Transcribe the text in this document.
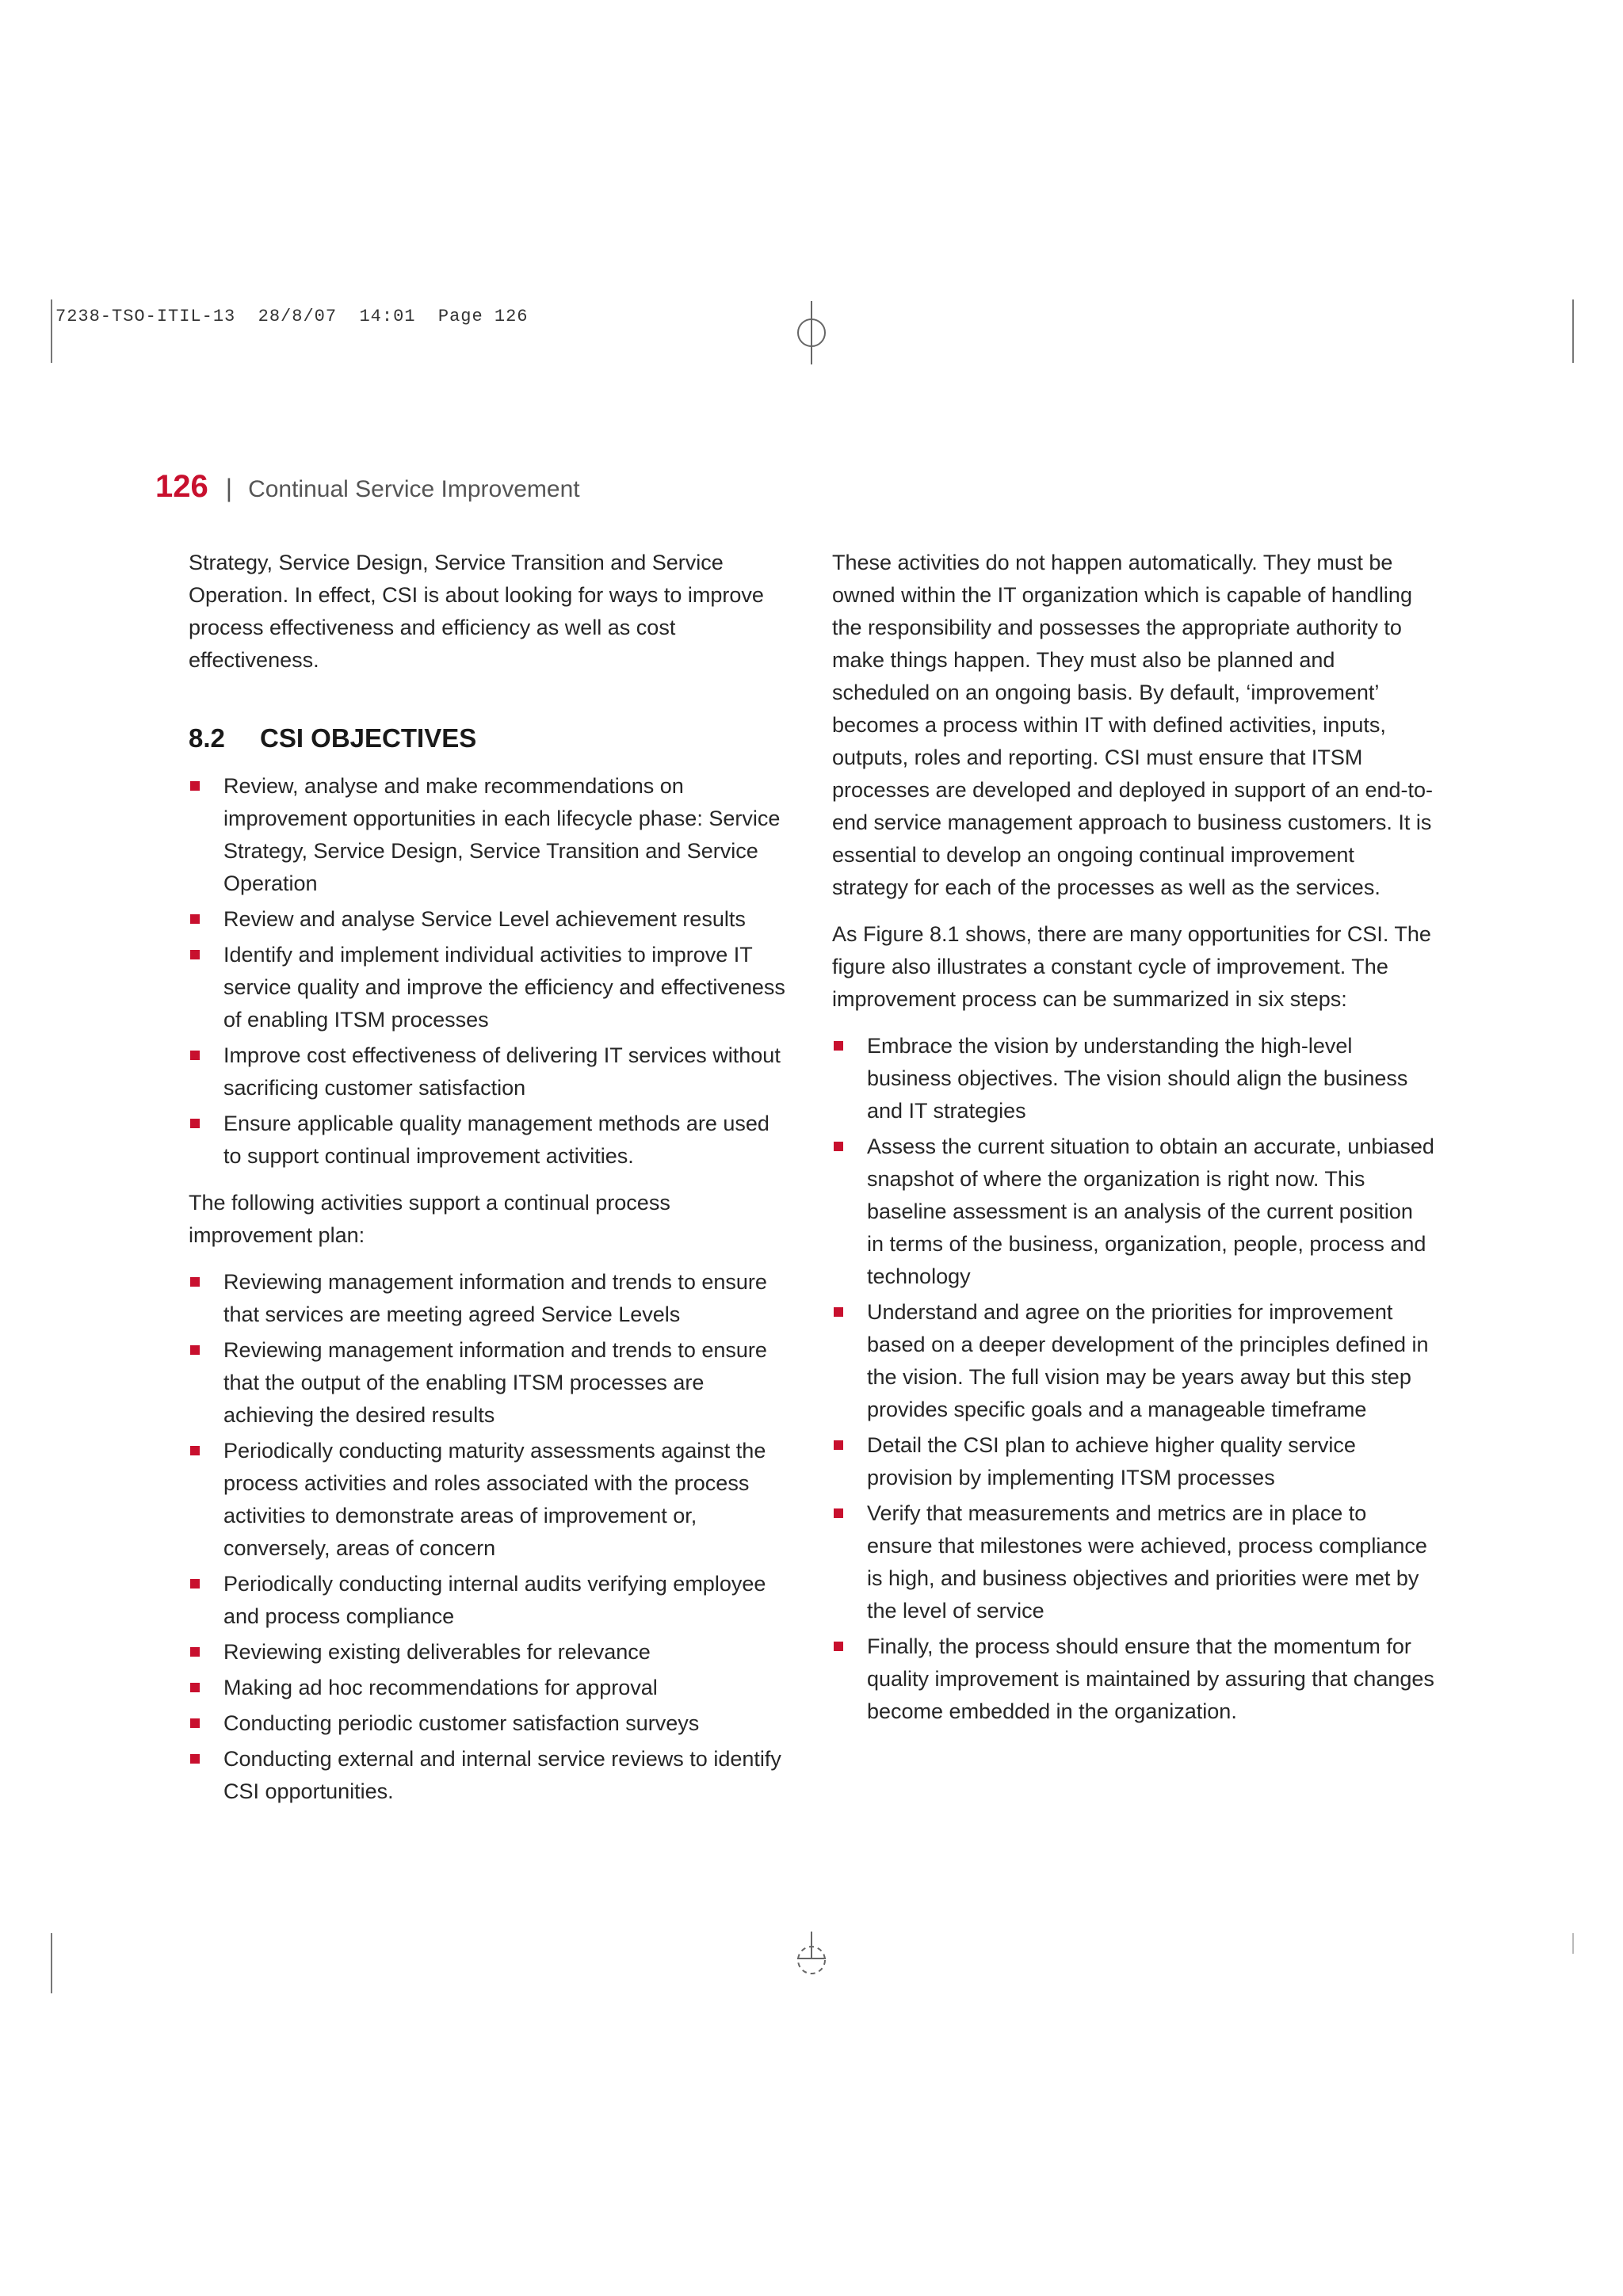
7238-TSO-ITIL-13  28/8/07  14:01  Page 126
126 | Continual Service Improvement

Strategy, Service Design, Service Transition and Service Operation. In effect, CSI is about looking for ways to improve process effectiveness and efficiency as well as cost effectiveness.

8.2	CSI OBJECTIVES
Review, analyse and make recommendations on improvement opportunities in each lifecycle phase: Service Strategy, Service Design, Service Transition and Service Operation
Review and analyse Service Level achievement results
Identify and implement individual activities to improve IT service quality and improve the efficiency and effectiveness of enabling ITSM processes
Improve cost effectiveness of delivering IT services without sacrificing customer satisfaction
Ensure applicable quality management methods are used to support continual improvement activities.

The following activities support a continual process improvement plan:

Reviewing management information and trends to ensure that services are meeting agreed Service Levels
Reviewing management information and trends to ensure that the output of the enabling ITSM processes are achieving the desired results
Periodically conducting maturity assessments against the process activities and roles associated with the process activities to demonstrate areas of improvement or, conversely, areas of concern
Periodically conducting internal audits verifying employee and process compliance
Reviewing existing deliverables for relevance
Making ad hoc recommendations for approval
Conducting periodic customer satisfaction surveys
Conducting external and internal service reviews to identify CSI opportunities.

These activities do not happen automatically. They must be owned within the IT organization which is capable of handling the responsibility and possesses the appropriate authority to make things happen. They must also be planned and scheduled on an ongoing basis. By default, ‘improvement’ becomes a process within IT with defined activities, inputs, outputs, roles and reporting. CSI must ensure that ITSM processes are developed and deployed in support of an end-to-end service management approach to business customers. It is essential to develop an ongoing continual improvement strategy for each of the processes as well as the services.

As Figure 8.1 shows, there are many opportunities for CSI. The figure also illustrates a constant cycle of improvement. The improvement process can be summarized in six steps:

Embrace the vision by understanding the high-level business objectives. The vision should align the business and IT strategies
Assess the current situation to obtain an accurate, unbiased snapshot of where the organization is right now. This baseline assessment is an analysis of the current position in terms of the business, organization, people, process and technology
Understand and agree on the priorities for improvement based on a deeper development of the principles defined in the vision. The full vision may be years away but this step provides specific goals and a manageable timeframe
Detail the CSI plan to achieve higher quality service provision by implementing ITSM processes
Verify that measurements and metrics are in place to ensure that milestones were achieved, process compliance is high, and business objectives and priorities were met by the level of service
Finally, the process should ensure that the momentum for quality improvement is maintained by assuring that changes become embedded in the organization.
